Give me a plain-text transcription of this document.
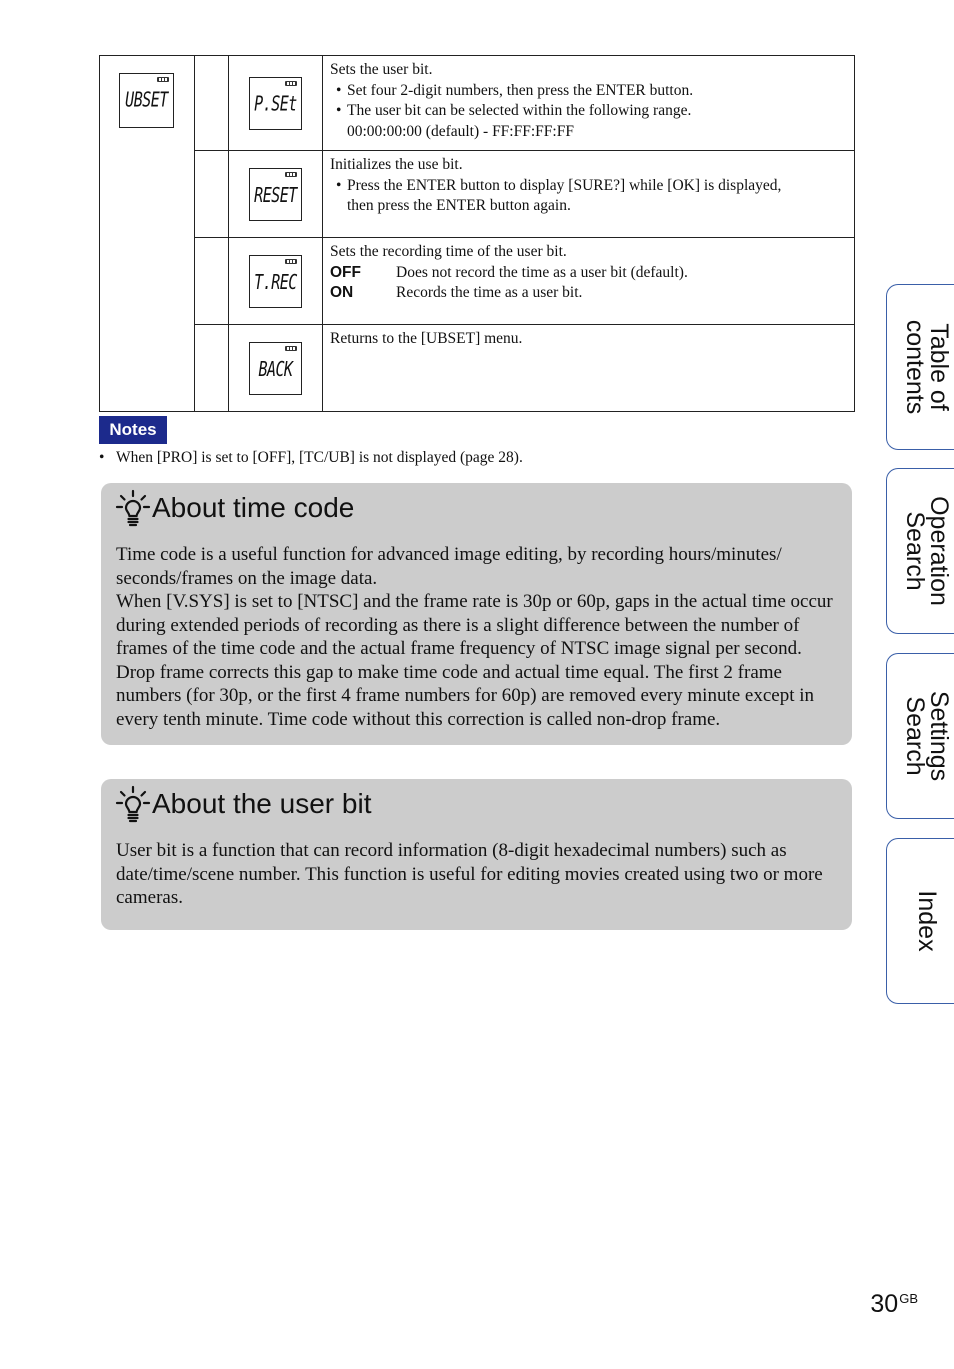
UBSET		P.SEt	Sets the user bit.
• Set four 2-digit numbers, then press the ENTER button.
• The user bit can be selected within the following range.
00:00:00:00 (default) - FF:FF:FF:FF

		RESET	Initializes the use bit.
• Press the ENTER button to display [SURE?] while [OK] is displayed,
then press the ENTER button again.

		T.REC	Sets the recording time of the user bit.
OFF Does not record the time as a user bit (default).
ON Records the time as a user bit.

		BACK	Returns to the [UBSET] menu.
Notes
• When [PRO] is set to [OFF], [TC/UB] is not displayed (page 28).
About time code
Time code is a useful function for advanced image editing, by recording hours/minutes/ seconds/frames on the image data.
When [V.SYS] is set to [NTSC] and the frame rate is 30p or 60p, gaps in the actual time occur during extended periods of recording as there is a slight difference between the number of frames of the time code and the actual frame frequency of NTSC image signal per second. Drop frame corrects this gap to make time code and actual time equal. The first 2 frame numbers (for 30p, or the first 4 frame numbers for 60p) are removed every minute except in every tenth minute. Time code without this correction is called non-drop frame.
About the user bit
User bit is a function that can record information (8-digit hexadecimal numbers) such as date/time/scene number. This function is useful for editing movies created using two or more cameras.
Table of
contents
Operation
Search
Settings
Search
Index
$30^{GB}$
